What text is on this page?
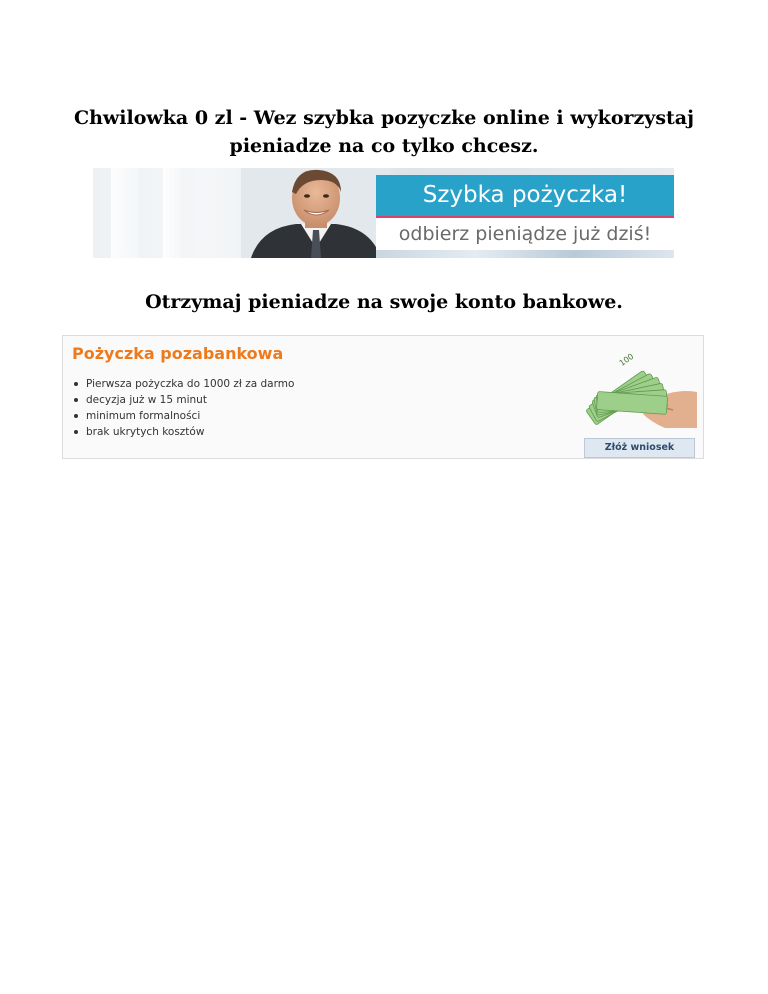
Chwilowka 0 zl - Wez szybka pozyczke online i wykorzystaj pieniadze na co tylko chcesz.
Szybka pożyczka!
odbierz pieniądze już dziś!
Otrzymaj pieniadze na swoje konto bankowe.
Pożyczka pozabankowa
Pierwsza pożyczka do 1000 zł za darmo
decyzja już w 15 minut
minimum formalności
brak ukrytych kosztów
100
Złóż wniosek
